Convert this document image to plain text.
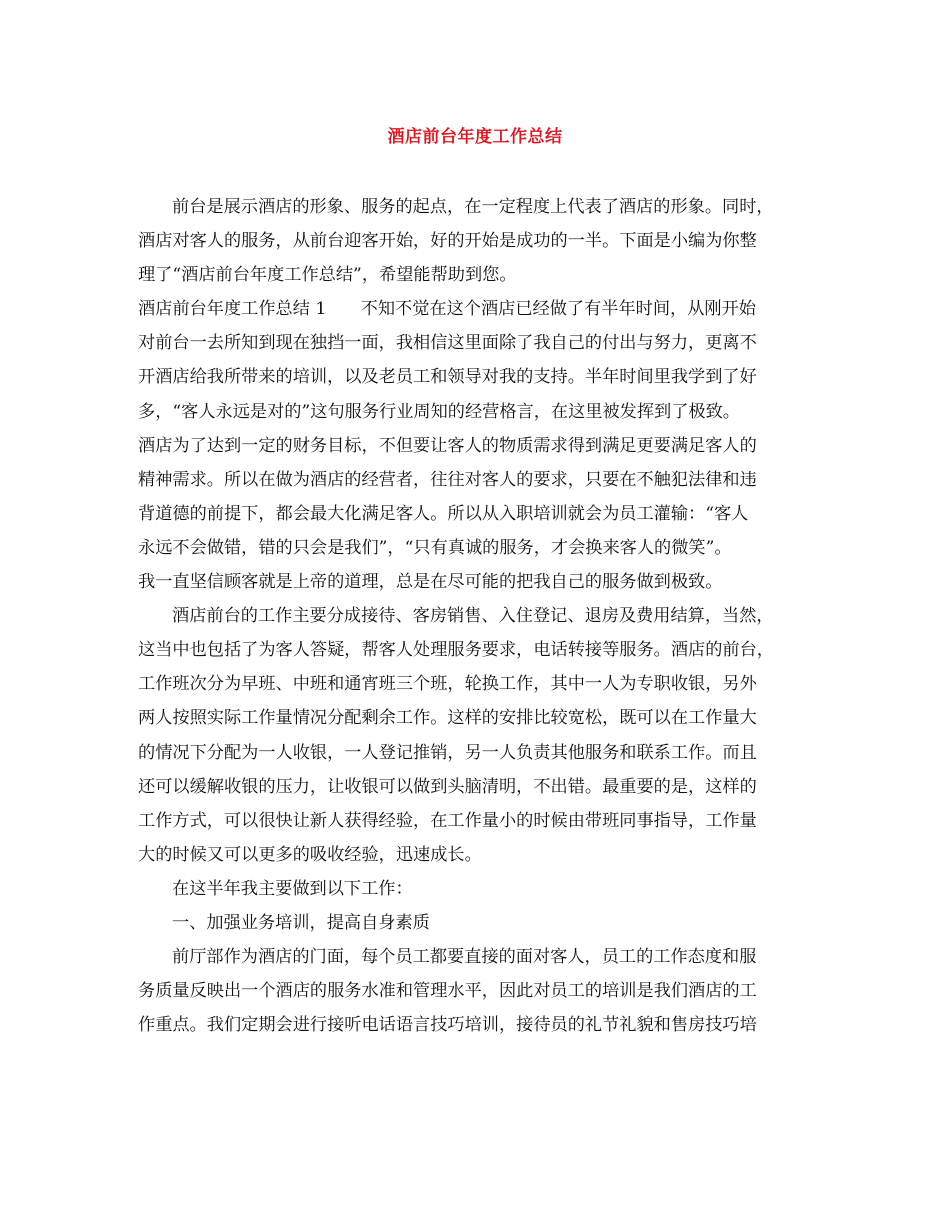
酒店前台年度工作总结
前台是展示酒店的形象、服务的起点，在一定程度上代表了酒店的形象。同时，
酒店对客人的服务，从前台迎客开始，好的开始是成功的一半。下面是小编为你整
理了“酒店前台年度工作总结”，希望能帮助到您。
酒店前台年度工作总结 1　　不知不觉在这个酒店已经做了有半年时间，从刚开始
对前台一去所知到现在独挡一面，我相信这里面除了我自己的付出与努力，更离不
开酒店给我所带来的培训，以及老员工和领导对我的支持。半年时间里我学到了好
多，“客人永远是对的”这句服务行业周知的经营格言，在这里被发挥到了极致。
酒店为了达到一定的财务目标，不但要让客人的物质需求得到满足更要满足客人的
精神需求。所以在做为酒店的经营者，往往对客人的要求，只要在不触犯法律和违
背道德的前提下，都会最大化满足客人。所以从入职培训就会为员工灌输：“客人
永远不会做错，错的只会是我们”，“只有真诚的服务，才会换来客人的微笑”。
我一直坚信顾客就是上帝的道理，总是在尽可能的把我自己的服务做到极致。
酒店前台的工作主要分成接待、客房销售、入住登记、退房及费用结算，当然，
这当中也包括了为客人答疑，帮客人处理服务要求，电话转接等服务。酒店的前台，
工作班次分为早班、中班和通宵班三个班，轮换工作，其中一人为专职收银，另外
两人按照实际工作量情况分配剩余工作。这样的安排比较宽松，既可以在工作量大
的情况下分配为一人收银，一人登记推销，另一人负责其他服务和联系工作。而且
还可以缓解收银的压力，让收银可以做到头脑清明，不出错。最重要的是，这样的
工作方式，可以很快让新人获得经验，在工作量小的时候由带班同事指导，工作量
大的时候又可以更多的吸收经验，迅速成长。
在这半年我主要做到以下工作：
一、加强业务培训，提高自身素质
前厅部作为酒店的门面，每个员工都要直接的面对客人，员工的工作态度和服
务质量反映出一个酒店的服务水准和管理水平，因此对员工的培训是我们酒店的工
作重点。我们定期会进行接听电话语言技巧培训，接待员的礼节礼貌和售房技巧培
